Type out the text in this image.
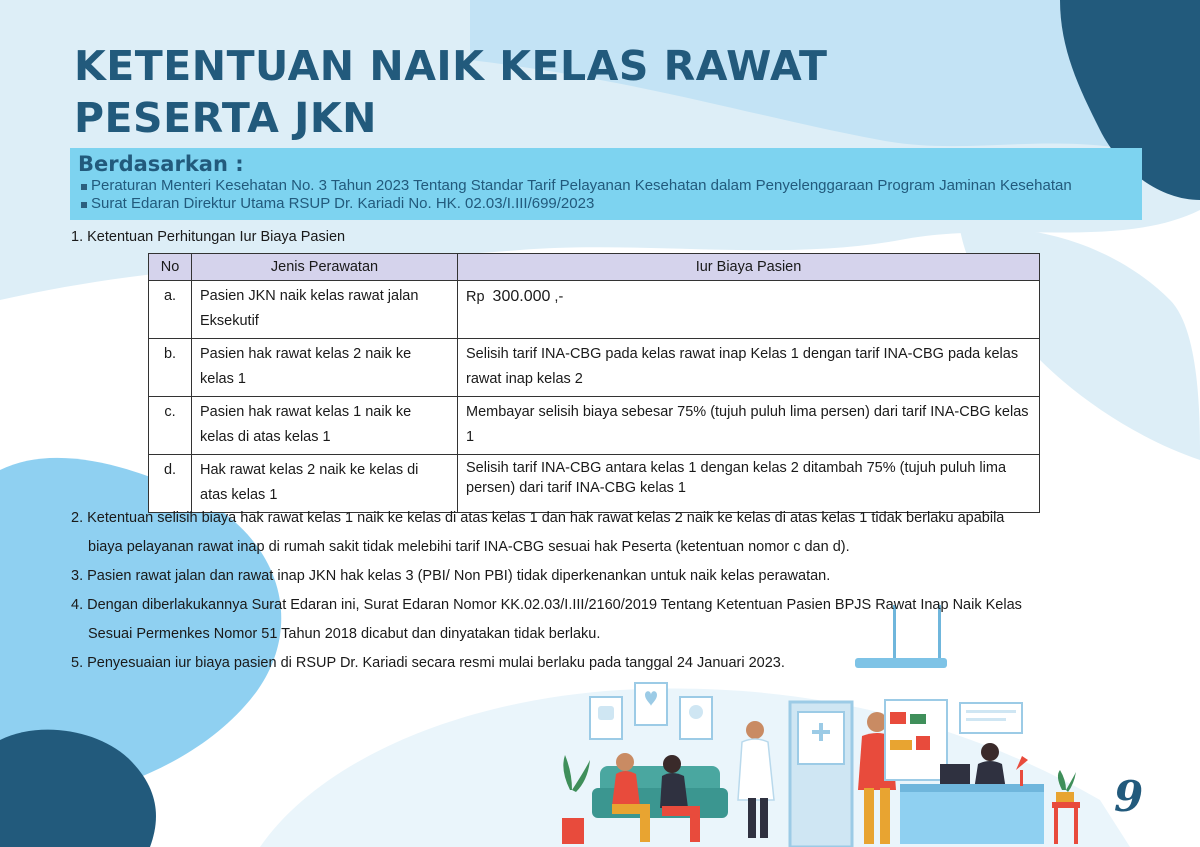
KETENTUAN NAIK KELAS RAWAT
PESERTA JKN
Berdasarkan :
Peraturan Menteri Kesehatan No. 3 Tahun 2023 Tentang Standar Tarif Pelayanan Kesehatan dalam Penyelenggaraan Program Jaminan Kesehatan
Surat Edaran Direktur Utama RSUP Dr. Kariadi No. HK. 02.03/I.III/699/2023
1. Ketentuan Perhitungan Iur Biaya Pasien
No	Jenis Perawatan	Iur Biaya Pasien
a.	Pasien JKN naik kelas rawat jalan Eksekutif	Rp 300.000 ,-
b.	Pasien hak rawat kelas 2 naik ke kelas 1	Selisih tarif INA-CBG pada kelas rawat inap Kelas 1 dengan tarif INA-CBG pada kelas rawat inap kelas 2
c.	Pasien hak rawat kelas 1 naik ke kelas di atas kelas 1	Membayar selisih biaya sebesar 75% (tujuh puluh lima persen) dari tarif INA-CBG kelas 1
d.	Hak rawat kelas 2 naik ke kelas di atas kelas 1	Selisih tarif INA-CBG antara kelas 1 dengan kelas 2 ditambah 75% (tujuh puluh lima persen) dari tarif INA-CBG kelas 1
2. Ketentuan selisih biaya hak rawat kelas 1 naik ke kelas di atas kelas 1 dan hak rawat kelas 2 naik ke kelas di atas kelas 1 tidak berlaku apabila
biaya pelayanan rawat inap di rumah sakit tidak melebihi tarif INA-CBG sesuai hak Peserta (ketentuan nomor c dan d).
3. Pasien rawat jalan dan rawat inap JKN hak kelas 3 (PBI/ Non PBI) tidak diperkenankan untuk naik kelas perawatan.
4. Dengan diberlakukannya Surat Edaran ini, Surat Edaran Nomor KK.02.03/I.III/2160/2019 Tentang Ketentuan Pasien BPJS Rawat Inap Naik Kelas
Sesuai Permenkes Nomor 51 Tahun 2018 dicabut dan dinyatakan tidak berlaku.
5. Penyesuaian iur biaya pasien di RSUP Dr. Kariadi secara resmi mulai berlaku pada tanggal 24 Januari 2023.
9
